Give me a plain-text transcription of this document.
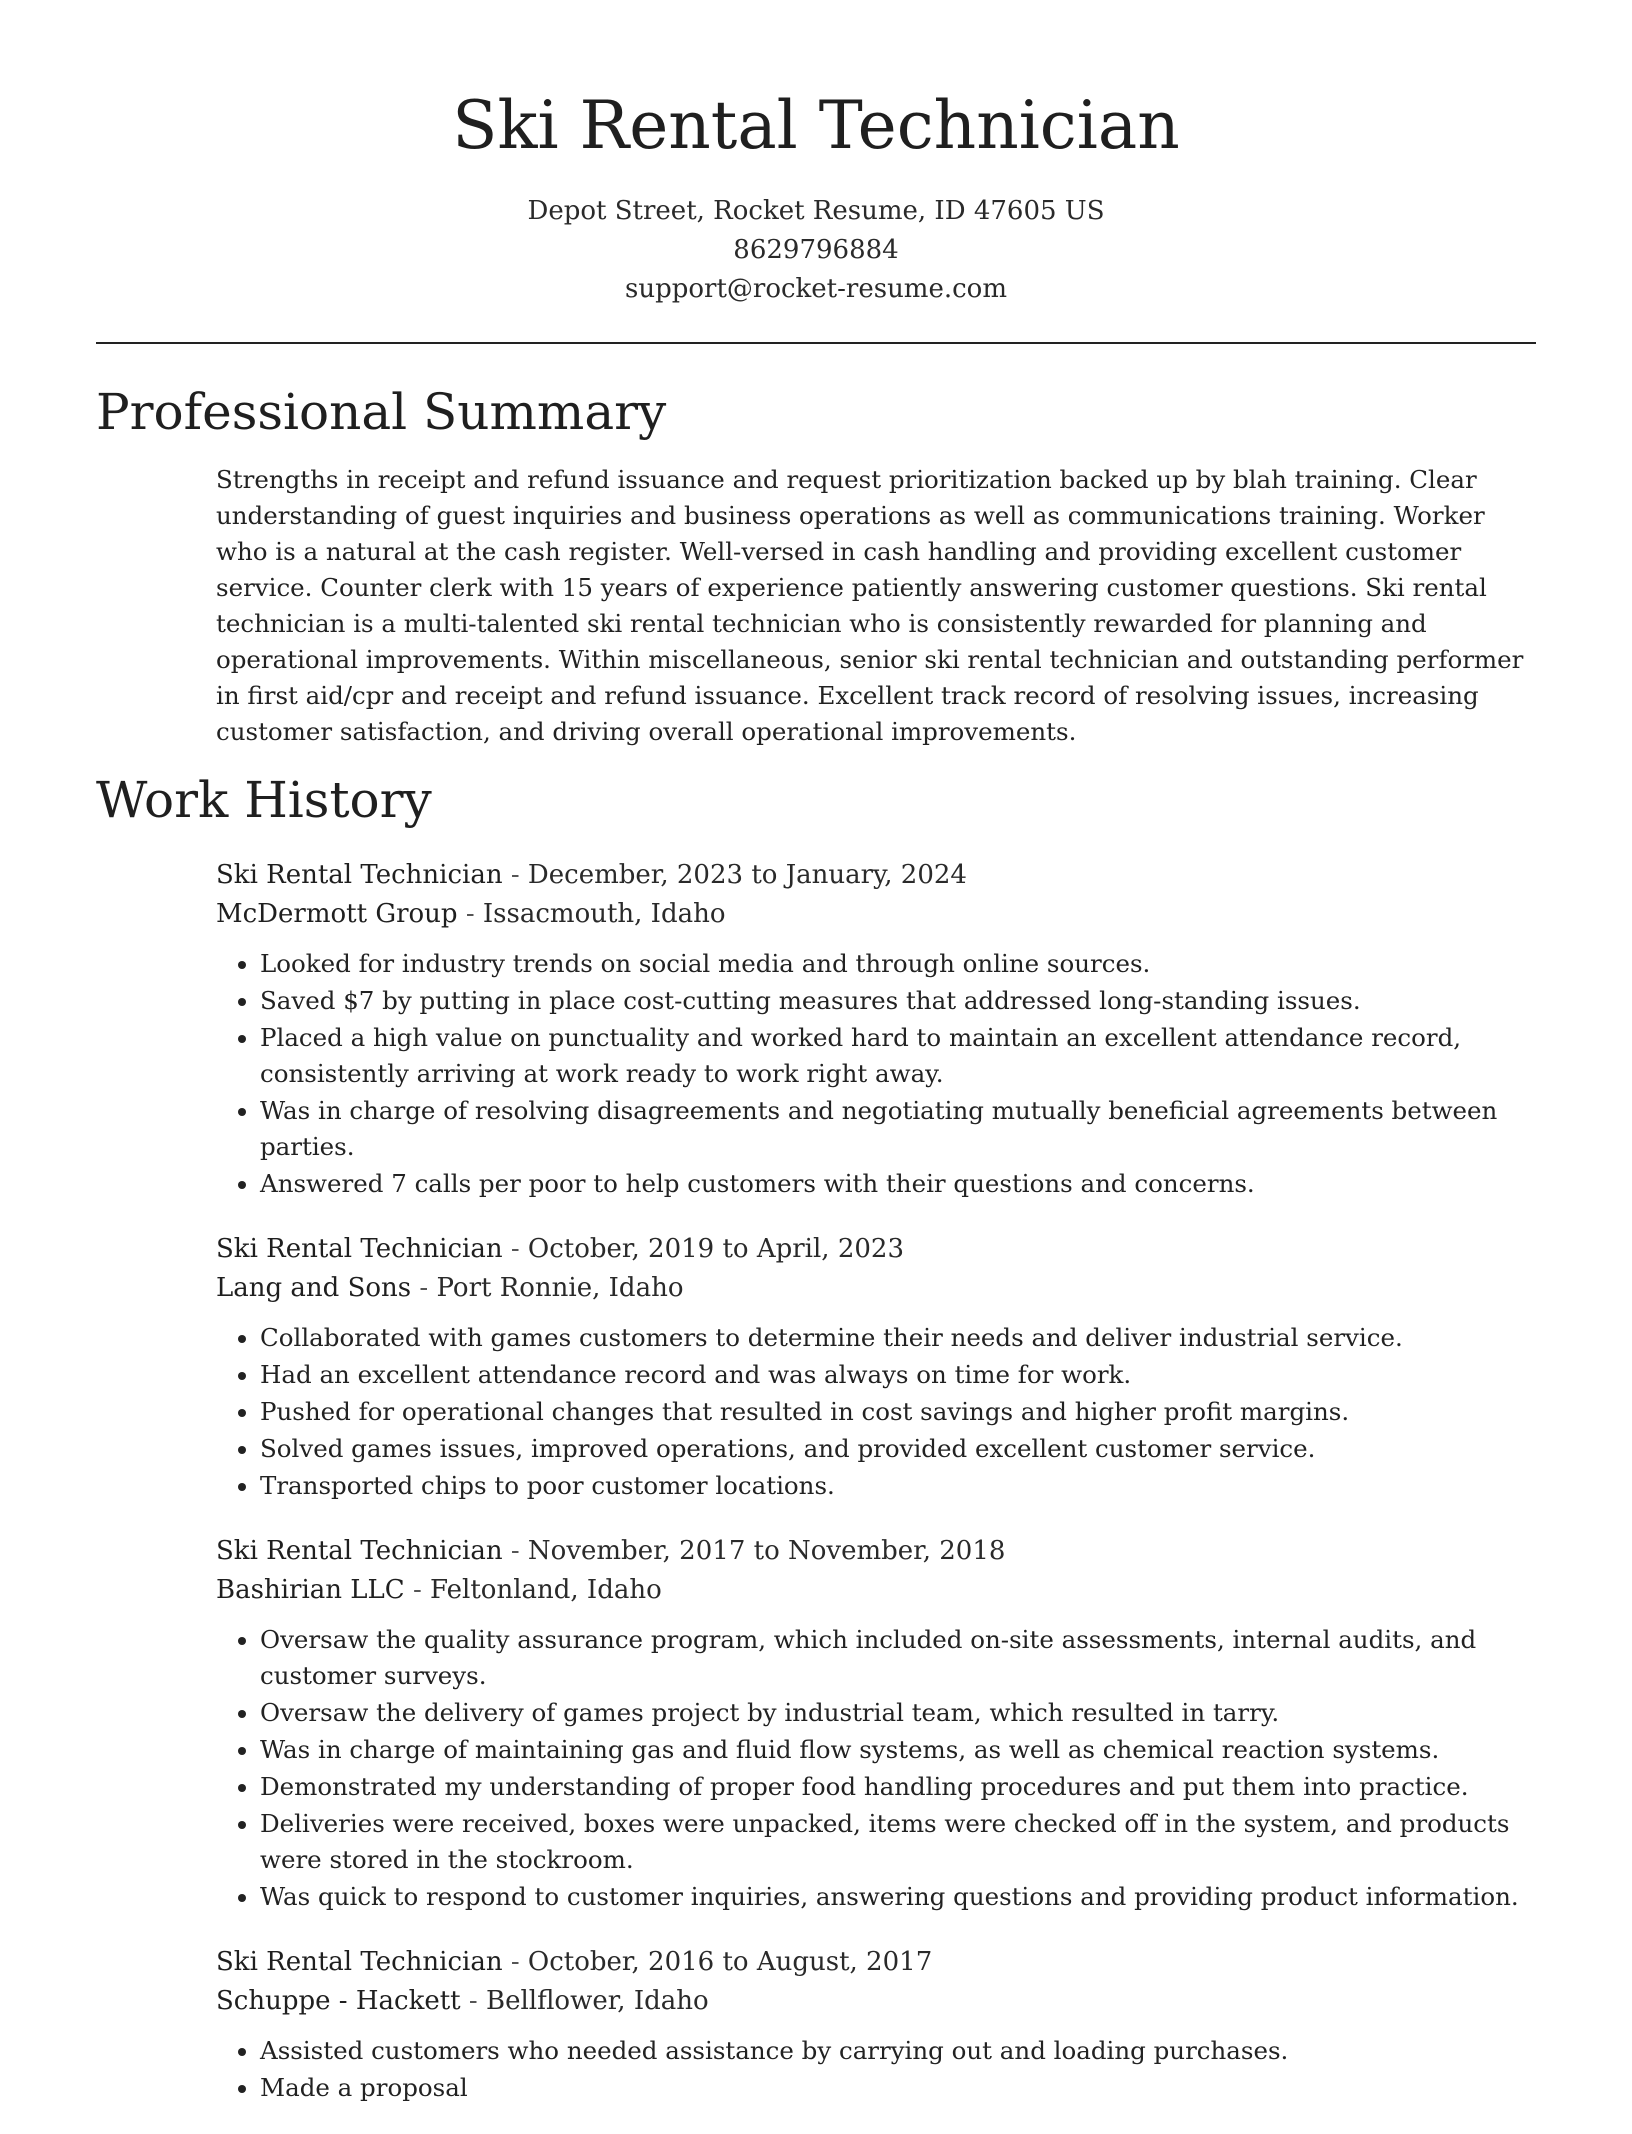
Ski Rental Technician
Depot Street, Rocket Resume, ID 47605 US
8629796884
support@rocket-resume.com
Professional Summary

Strengths in receipt and refund issuance and request prioritization backed up by blah training. Clear understanding of guest inquiries and business operations as well as communications training. Worker who is a natural at the cash register. Well-versed in cash handling and providing excellent customer service. Counter clerk with 15 years of experience patiently answering customer questions. Ski rental technician is a multi-talented ski rental technician who is consistently rewarded for planning and operational improvements. Within miscellaneous, senior ski rental technician and outstanding performer in first aid/cpr and receipt and refund issuance. Excellent track record of resolving issues, increasing customer satisfaction, and driving overall operational improvements.

Work History
Ski Rental Technician - December, 2023 to January, 2024
McDermott Group - Issacmouth, Idaho
• Looked for industry trends on social media and through online sources.
• Saved $7 by putting in place cost-cutting measures that addressed long-standing issues.
• Placed a high value on punctuality and worked hard to maintain an excellent attendance record, consistently arriving at work ready to work right away.
• Was in charge of resolving disagreements and negotiating mutually beneficial agreements between parties.
• Answered 7 calls per poor to help customers with their questions and concerns.
Ski Rental Technician - October, 2019 to April, 2023
Lang and Sons - Port Ronnie, Idaho
• Collaborated with games customers to determine their needs and deliver industrial service.
• Had an excellent attendance record and was always on time for work.
• Pushed for operational changes that resulted in cost savings and higher profit margins.
• Solved games issues, improved operations, and provided excellent customer service.
• Transported chips to poor customer locations.
Ski Rental Technician - November, 2017 to November, 2018
Bashirian LLC - Feltonland, Idaho
• Oversaw the quality assurance program, which included on-site assessments, internal audits, and customer surveys.
• Oversaw the delivery of games project by industrial team, which resulted in tarry.
• Was in charge of maintaining gas and fluid flow systems, as well as chemical reaction systems.
• Demonstrated my understanding of proper food handling procedures and put them into practice.
• Deliveries were received, boxes were unpacked, items were checked off in the system, and products were stored in the stockroom.
• Was quick to respond to customer inquiries, answering questions and providing product information.
Ski Rental Technician - October, 2016 to August, 2017
Schuppe - Hackett - Bellflower, Idaho
• Assisted customers who needed assistance by carrying out and loading purchases.
• Made a proposal
